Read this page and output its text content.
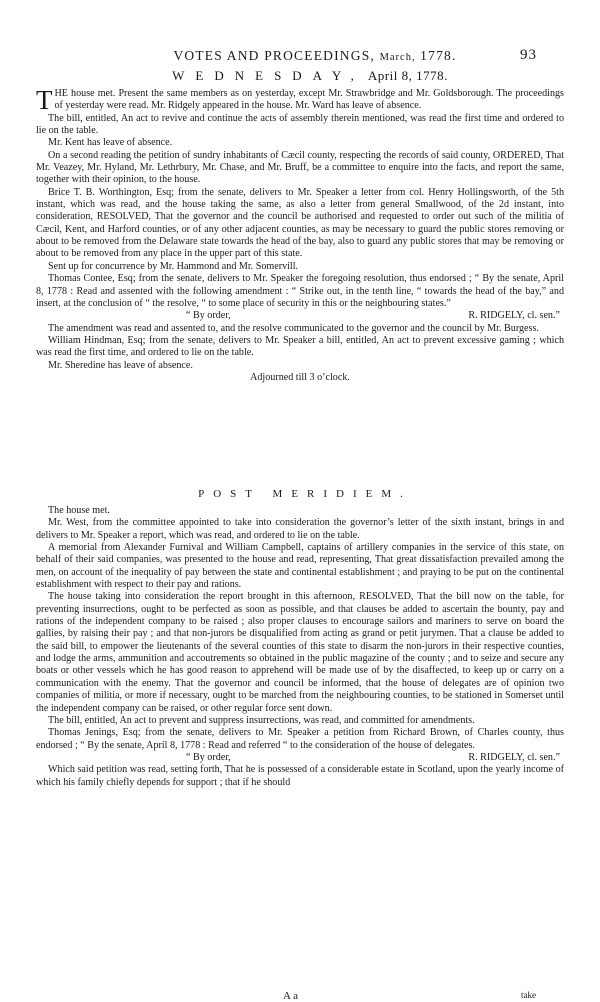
VOTES AND PROCEEDINGS, March, 1778.	93
WEDNESDAY, April 8, 1778.

THE house met. Present the same members as on yesterday, except Mr. Strawbridge and Mr. Goldsborough. The proceedings of yesterday were read. Mr. Ridgely appeared in the house. Mr. Ward has leave of absence.

The bill, entitled, An act to revive and continue the acts of assembly therein mentioned, was read the first time and ordered to lie on the table.

Mr. Kent has leave of absence.

On a second reading the petition of sundry inhabitants of Cæcil county, respecting the records of said county, ORDERED, That Mr. Veazey, Mr. Hyland, Mr. Lethrbury, Mr. Chase, and Mr. Bruff, be a committee to enquire into the facts, and report the same, together with their opinion, to the house.

Brice T. B. Worthington, Esq; from the senate, delivers to Mr. Speaker a letter from col. Henry Hollingsworth, of the 5th instant, which was read, and the house taking the same, as also a letter from general Smallwood, of the 2d instant, into consideration, RESOLVED, That the governor and the council be authorised and requested to order out such of the militia of Cæcil, Kent, and Harford counties, or of any other adjacent counties, as may be necessary to guard the public stores removing or about to be removed from the Delaware state towards the head of the bay, also to guard any public stores that may be removing or about to be removed from any place in the upper part of this state.

Sent up for concurrence by Mr. Hammond and Mr. Somervill.

Thomas Contee, Esq; from the senate, delivers to Mr. Speaker the foregoing resolution, thus endorsed ; “ By the senate, April 8, 1778 : Read and assented with the following amendment : “ Strike out, in the tenth line, “ towards the head of the bay,” and insert, at the conclusion of “ the resolve, “ to some place of security in this or the neighbouring states.”

“ By order,	R. RIDGELY, cl. sen.”

The amendment was read and assented to, and the resolve communicated to the governor and the council by Mr. Burgess.

William Hindman, Esq; from the senate, delivers to Mr. Speaker a bill, entitled, An act to prevent excessive gaming ; which was read the first time, and ordered to lie on the table.

Mr. Sheredine has leave of absence.

Adjourned till 3 o’clock.
POST MERIDIEM.

The house met.

Mr. West, from the committee appointed to take into consideration the governor’s letter of the sixth instant, brings in and delivers to Mr. Speaker a report, which was read, and ordered to lie on the table.

A memorial from Alexander Furnival and William Campbell, captains of artillery companies in the service of this state, on behalf of their said companies, was presented to the house and read, representing, That great dissatisfaction prevailed among the men, on account of the inequality of pay between the state and continental establishment ; and praying to be put on the continental establishment with respect to their pay and rations.

The house taking into consideration the report brought in this afternoon, RESOLVED, That the bill now on the table, for preventing insurrections, ought to be perfected as soon as possible, and that clauses be added to ascertain the bounty, pay and rations of the independent company to be raised ; also proper clauses to encourage sailors and mariners to serve on board the gallies, by raising their pay ; and that non-jurors be disqualified from acting as grand or petit jurymen. That a clause be added to the said bill, to empower the lieutenants of the several counties of this state to disarm the non-jurors in their respective counties, and lodge the arms, ammunition and accoutrements so obtained in the public magazine of the county ; and to seize and secure any boats or other vessels which he has good reason to apprehend will be made use of by the disaffected, to keep up or carry on a communication with the enemy. That the governor and council be informed, that the house of delegates are of opinion two companies of militia, or more if necessary, ought to be marched from the neighbouring counties, to be stationed in Somerset until the independent company can be raised, or other regular force sent down.

The bill, entitled, An act to prevent and suppress insurrections, was read, and committed for amendments.

Thomas Jenings, Esq; from the senate, delivers to Mr. Speaker a petition from Richard Brown, of Charles county, thus endorsed ; “ By the senate, April 8, 1778 : Read and referred “ to the consideration of the house of delegates.

“ By order,	R. RIDGELY, cl. sen.”

Which said petition was read, setting forth, That he is possessed of a considerable estate in Scotland, upon the yearly income of which his family chiefly depends for support ; that if he should

A a	take
